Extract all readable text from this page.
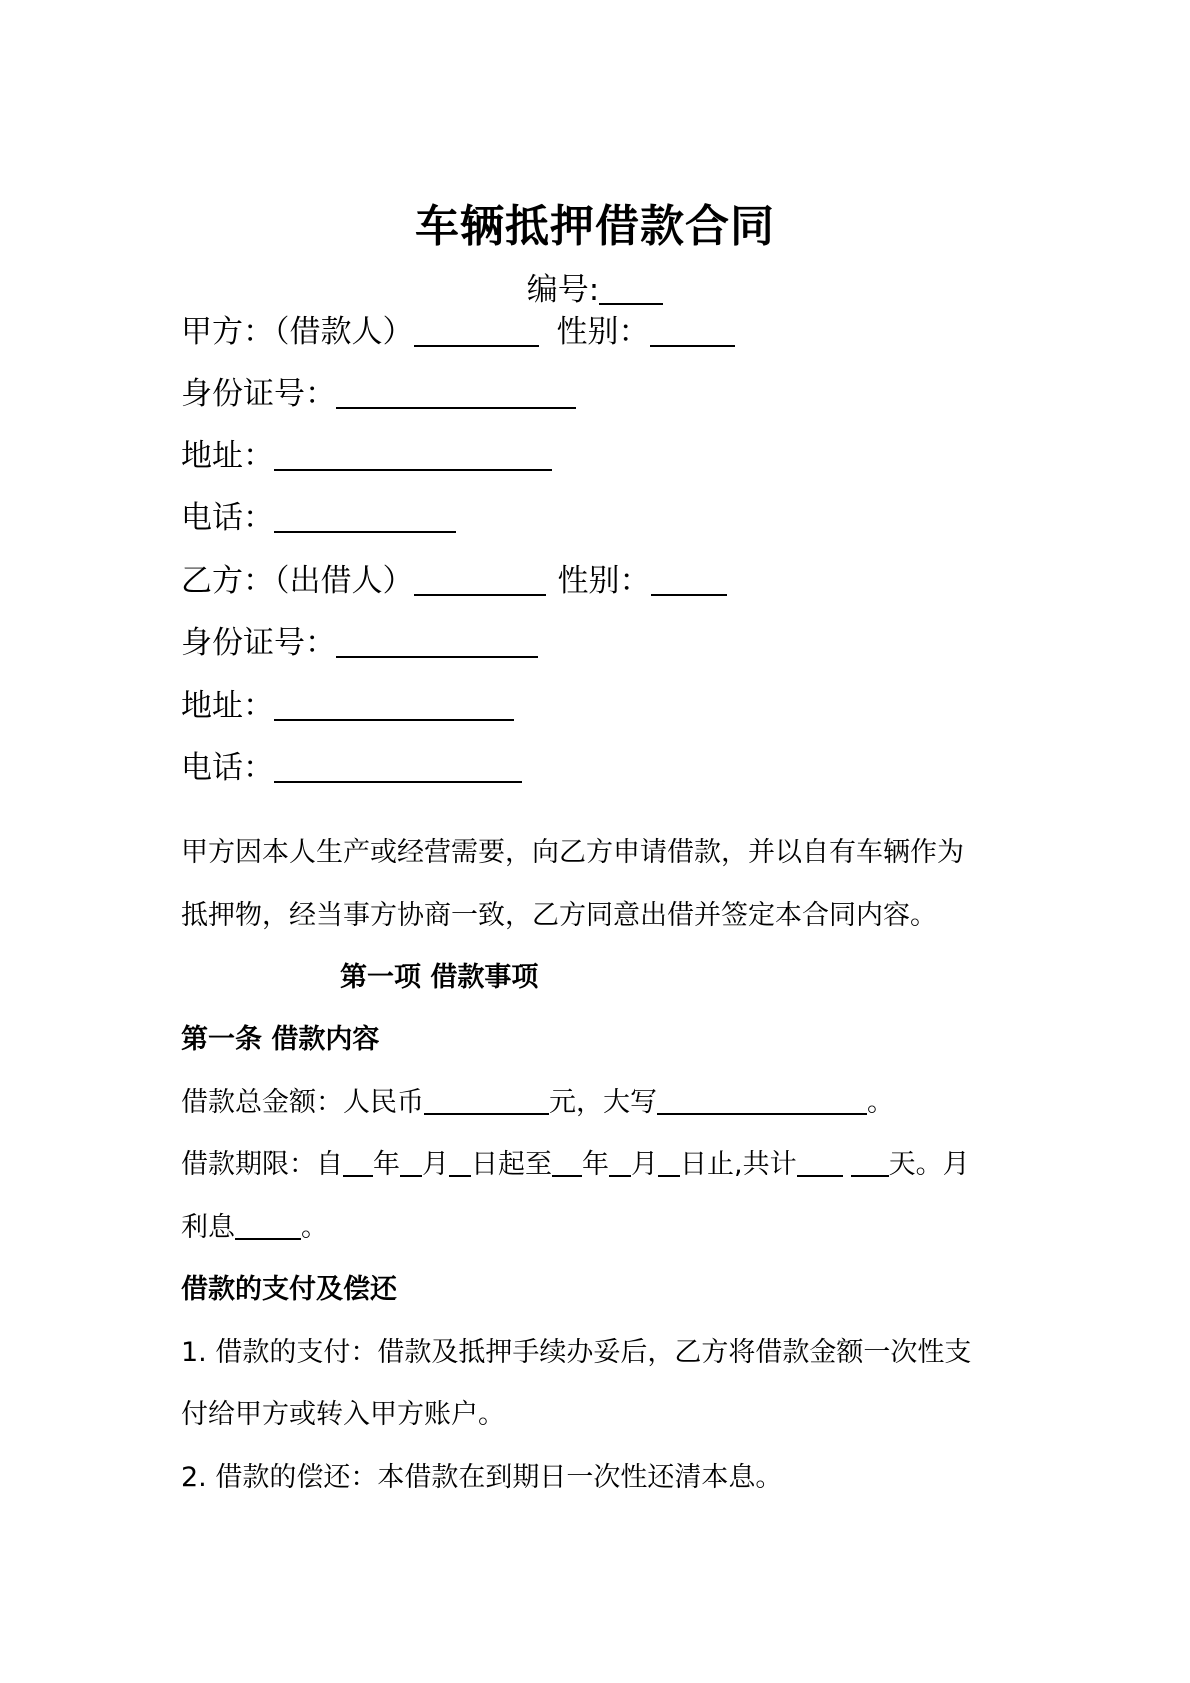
车辆抵押借款合同
编号:
甲方：（借款人）	性别：
身份证号：
地址：
电话：
乙方：（出借人）	性别：
身份证号：
地址：
电话：
甲方因本人生产或经营需要，向乙方申请借款，并以自有车辆作为
抵押物，经当事方协商一致，乙方同意出借并签定本合同内容。
第一项 借款事项
第一条 借款内容
借款总金额：人民币	元，大写	。
借款期限：自 年 月 日起至 年 月 日止,共计	天。月
利息 。
借款的支付及偿还
1. 借款的支付：借款及抵押手续办妥后，乙方将借款金额一次性支
付给甲方或转入甲方账户。
2. 借款的偿还：本借款在到期日一次性还清本息。
